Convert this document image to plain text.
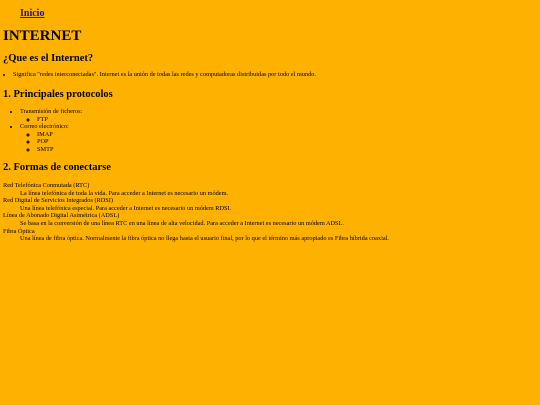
Inicio
INTERNET
¿Que es el Internet?
• Significa "redes interconectadas". Internet es la unión de todas las redes y computadoras distribuidas por todo el mundo.
1. Principales protocolos
• Transmisión de ficheros:
◦ FTP
• Correo electrónico:
◦ IMAP
◦ POP
◦ SMTP
2. Formas de conectarse
Red Telefónica Conmutada (RTC)
La línea telefónica de toda la vida. Para acceder a Internet es necesario un módem.
Red Digital de Servicios Integrados (RDSI)
Una línea telefónica especial. Para acceder a Internet es necesario un módem RDSI.
Línea de Abonado Digital Asimétrica (ADSL)
Se basa en la conversión de una línea RTC en una línea de alta velocidad. Para acceder a Internet es necesario un módem ADSL.
Fibra Óptica
Una línea de fibra óptica. Normalmente la fibra óptica no llega hasta el usuario final, por lo que el término más apropiado es Fibra híbrida coaxial.
